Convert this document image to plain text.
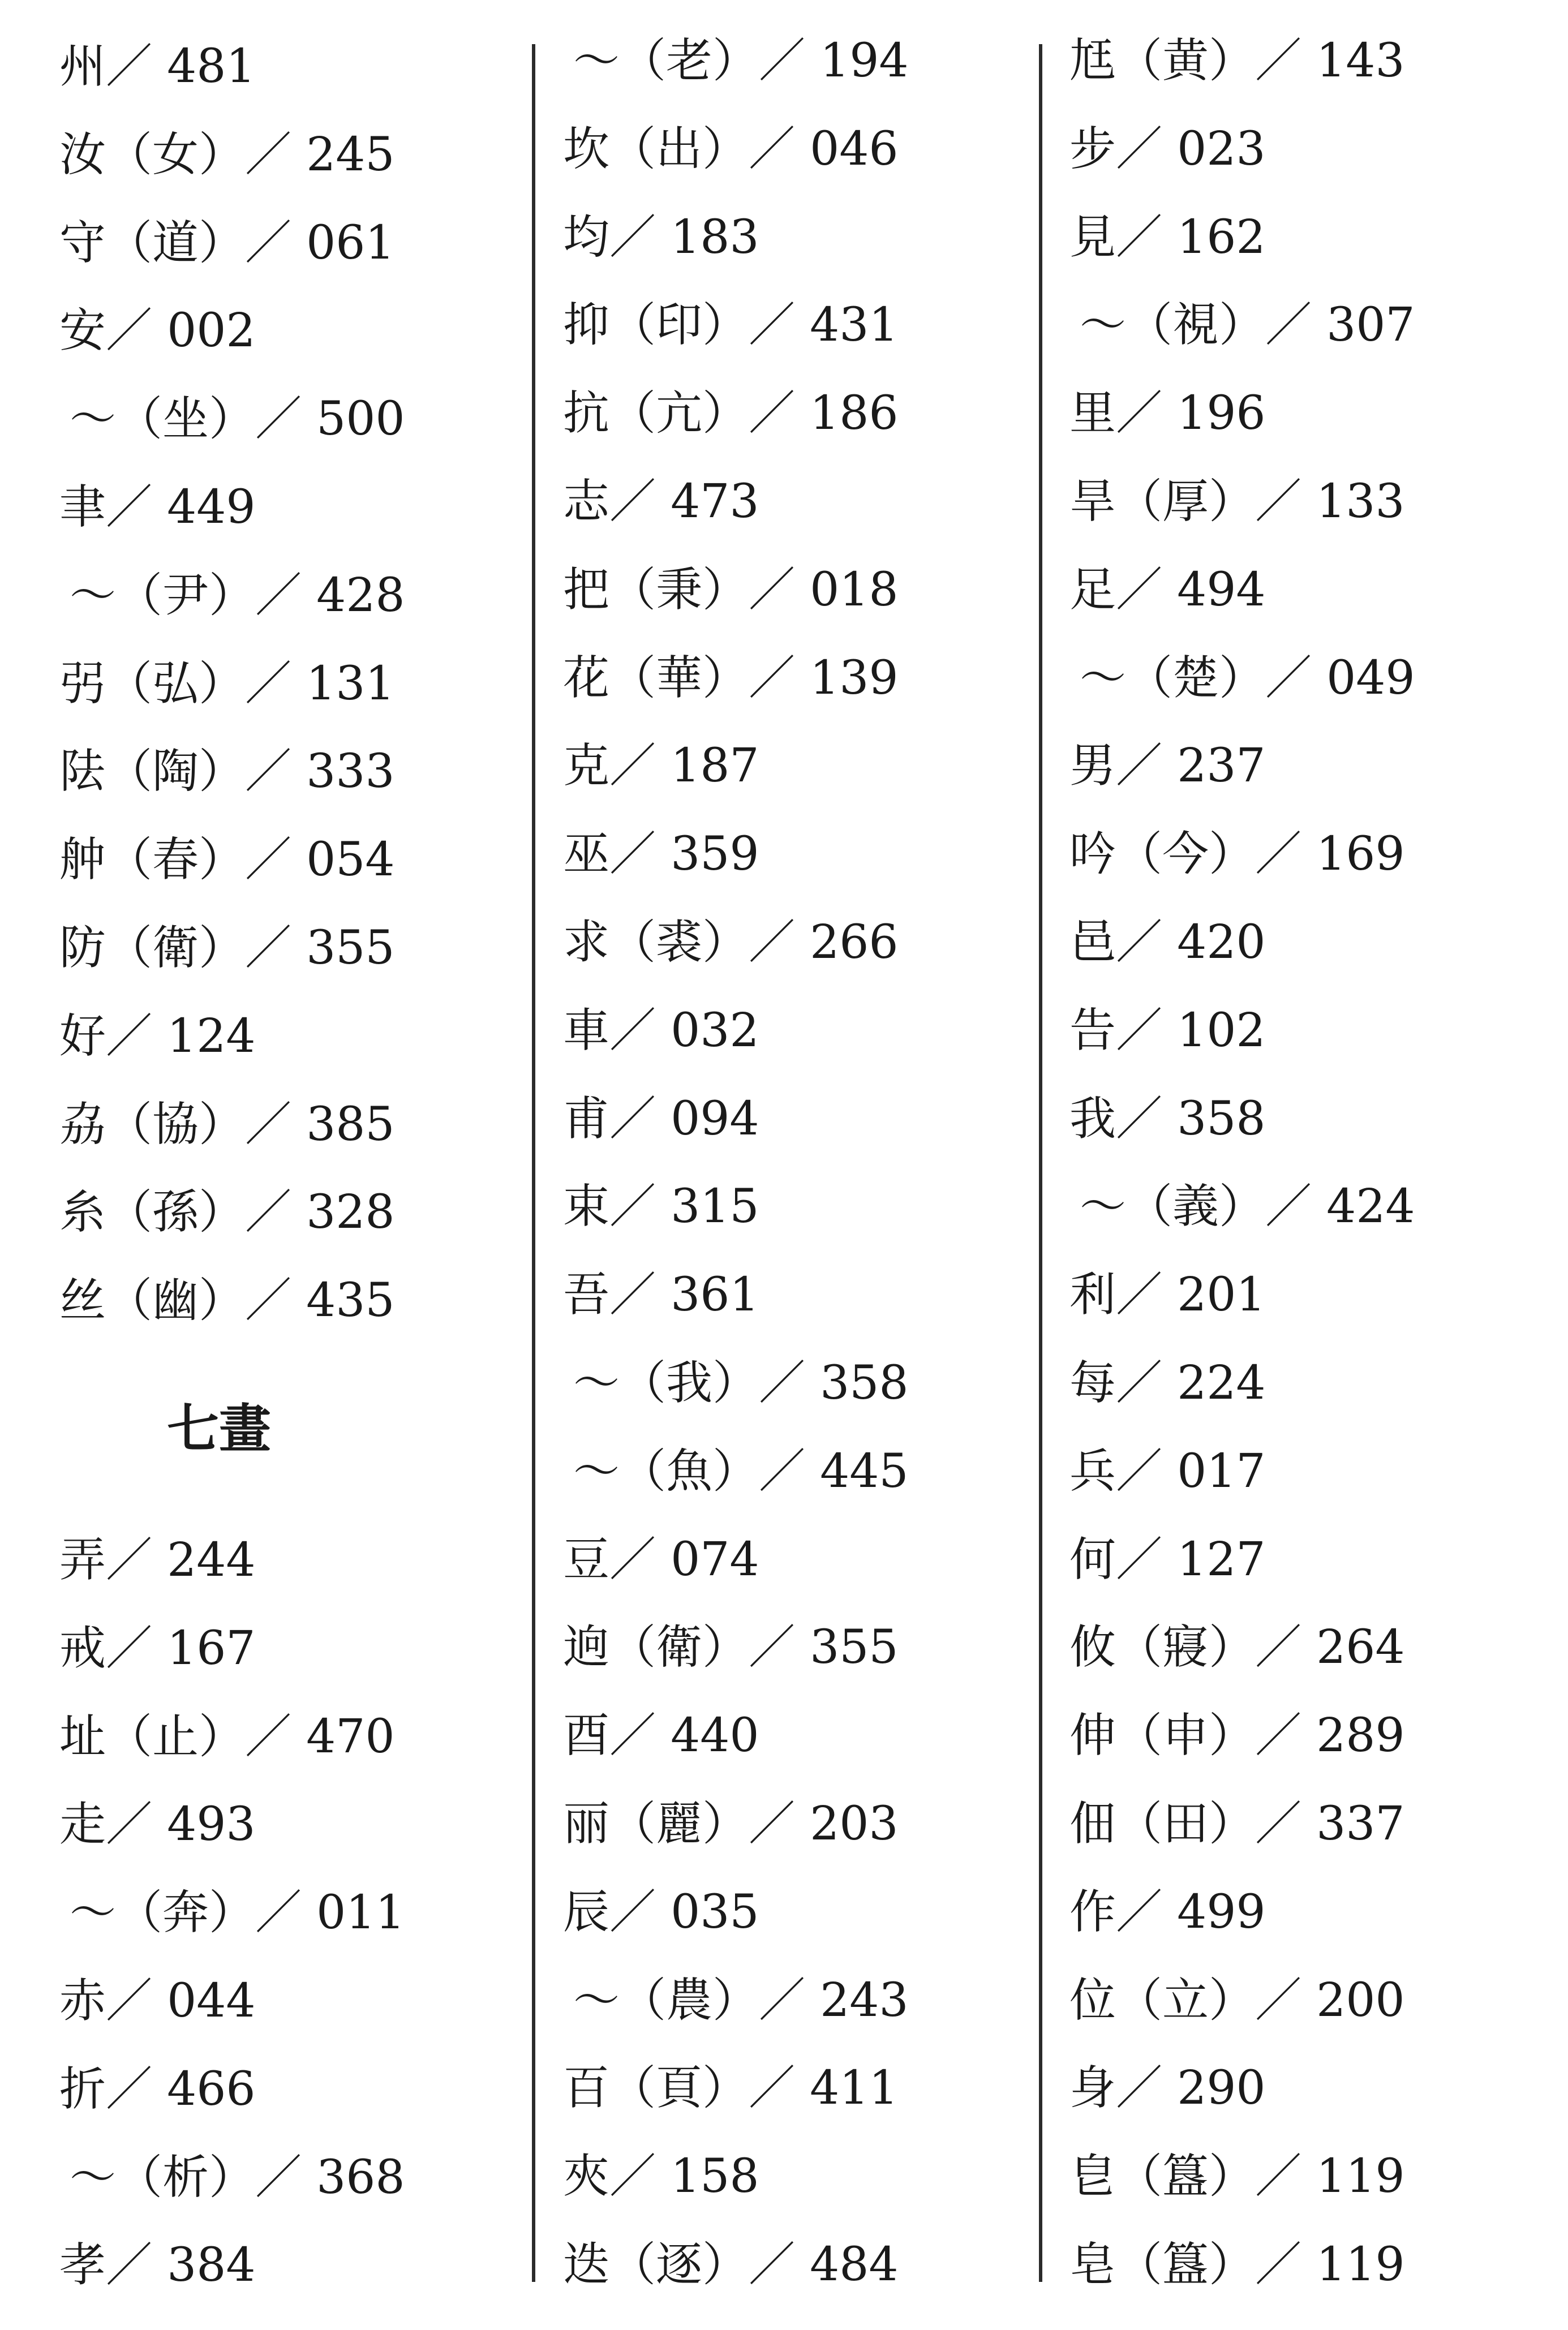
州／ 481
汝（女）／ 245
守（道）／ 061
安／ 002
～（坐）／ 500
聿／ 449
～（尹）／ 428
弜（弘）／ 131
阹（陶）／ 333
舯（春）／ 054
防（衛）／ 355
好／ 124
劦（協）／ 385
糸（孫）／ 328
丝（幽）／ 435
七畫
弄／ 244
戒／ 167
址（止）／ 470
走／ 493
～（奔）／ 011
赤／ 044
折／ 466
～（析）／ 368
孝／ 384
～（老）／ 194
坎（出）／ 046
均／ 183
抑（印）／ 431
抗（亢）／ 186
志／ 473
把（秉）／ 018
花（華）／ 139
克／ 187
巫／ 359
求（裘）／ 266
車／ 032
甫／ 094
束／ 315
吾／ 361
～（我）／ 358
～（魚）／ 445
豆／ 074
逈（衛）／ 355
酉／ 440
丽（麗）／ 203
辰／ 035
～（農）／ 243
百（頁）／ 411
夾／ 158
迭（逐）／ 484
尪（黄）／ 143
步／ 023
見／ 162
～（視）／ 307
里／ 196
旱（厚）／ 133
足／ 494
～（楚）／ 049
男／ 237
吟（今）／ 169
邑／ 420
告／ 102
我／ 358
～（義）／ 424
利／ 201
每／ 224
兵／ 017
何／ 127
攸（寢）／ 264
伸（申）／ 289
佃（田）／ 337
作／ 499
位（立）／ 200
身／ 290
皀（簋）／ 119
皂（簋）／ 119
